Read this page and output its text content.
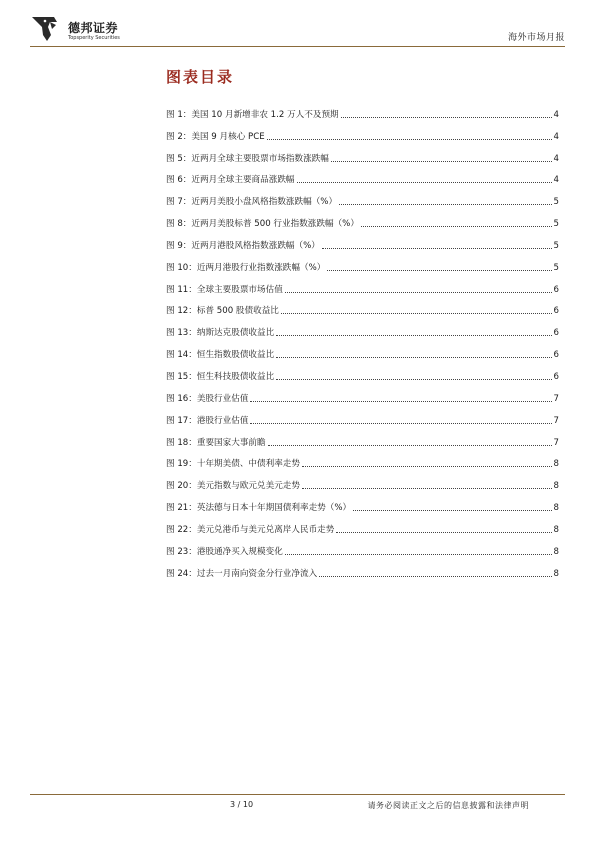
德邦证券
Topsperity Securities	海外市场月报
图表目录
图 1：美国 10 月新增非农 1.2 万人不及预期	4
图 2：美国 9 月核心 PCE	4
图 5：近两月全球主要股票市场指数涨跌幅	4
图 6：近两月全球主要商品涨跌幅	4
图 7：近两月美股小盘风格指数涨跌幅（%）	5
图 8：近两月美股标普 500 行业指数涨跌幅（%）	5
图 9：近两月港股风格指数涨跌幅（%）	5
图 10：近两月港股行业指数涨跌幅（%）	5
图 11：全球主要股票市场估值	6
图 12：标普 500 股债收益比	6
图 13：纳斯达克股债收益比	6
图 14：恒生指数股债收益比	6
图 15：恒生科技股债收益比	6
图 16：美股行业估值	7
图 17：港股行业估值	7
图 18：重要国家大事前瞻	7
图 19：十年期美债、中债利率走势	8
图 20：美元指数与欧元兑美元走势	8
图 21：英法德与日本十年期国债利率走势（%）	8
图 22：美元兑港币与美元兑离岸人民币走势	8
图 23：港股通净买入规模变化	8
图 24：过去一月南向资金分行业净流入	8
3 / 10	请务必阅读正文之后的信息披露和法律声明
